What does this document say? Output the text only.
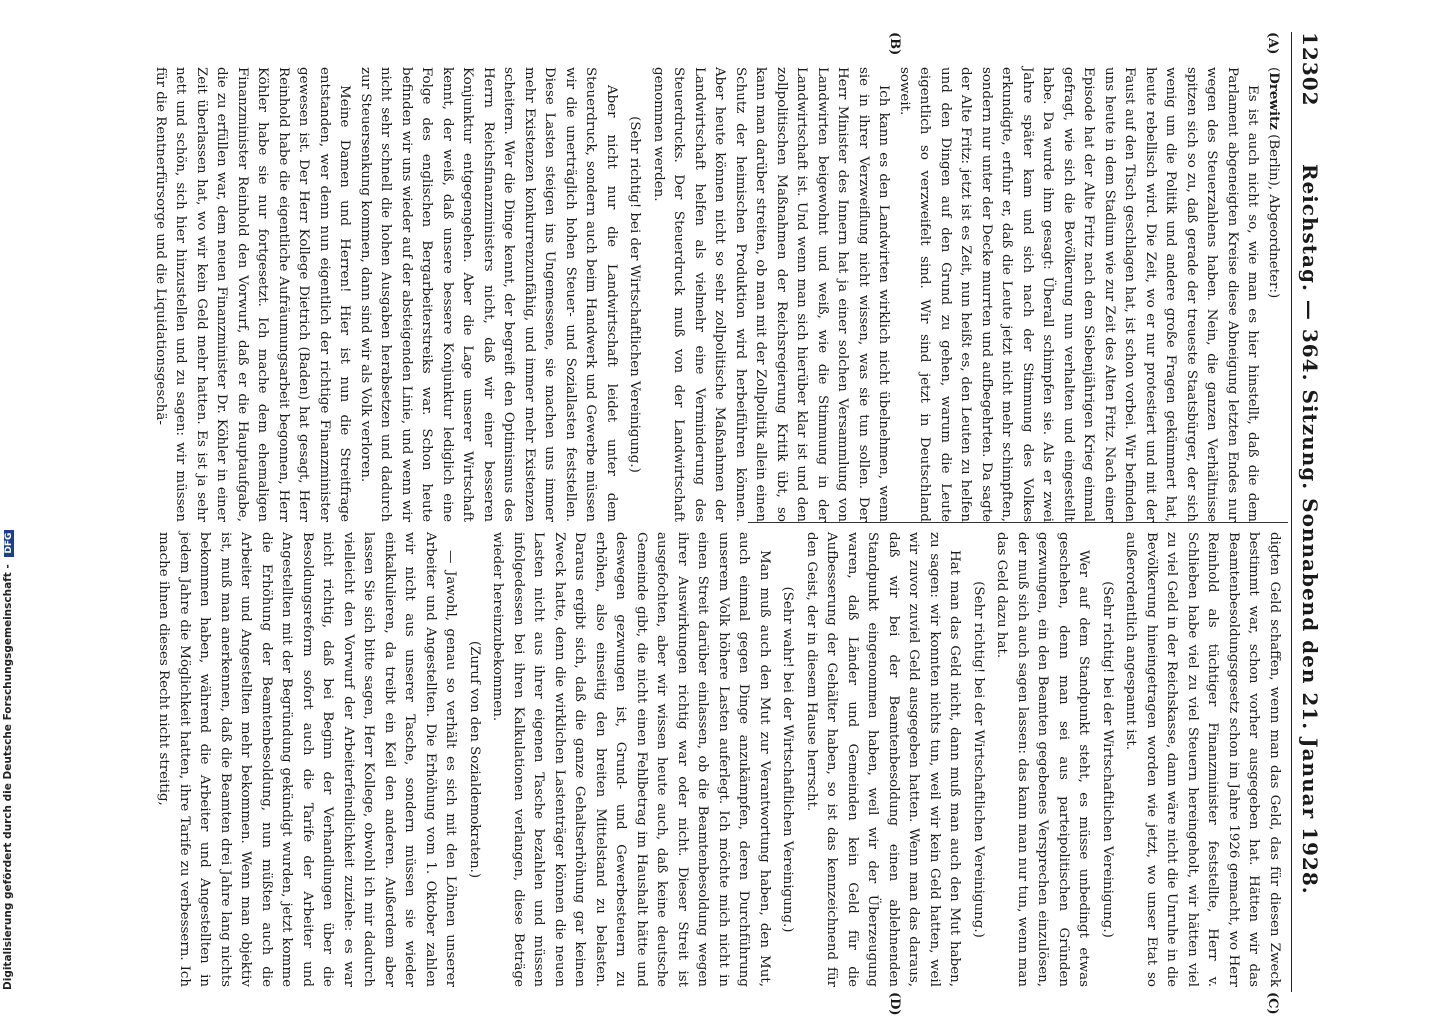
12302
Reichstag. — 364. Sitzung. Sonnabend den 21. Januar 1928.
(A)
(B)
(C)
(D)

(Drewitz (Berlin), Abgeordneter:)

Es ist auch nicht so, wie man es hier hinstellt, daß die dem Parlament abgeneigten Kreise diese Abneigung letzten Endes nur wegen des Steuerzahlens haben. Nein, die ganzen Verhältnisse spitzen sich so zu, daß gerade der treueste Staatsbürger, der sich wenig um die Politik und andere große Fragen gekümmert hat, heute rebellisch wird. Die Zeit, wo er nur protestiert und mit der Faust auf den Tisch geschlagen hat, ist schon vorbei. Wir befinden uns heute in dem Stadium wie zur Zeit des Alten Fritz. Nach einer Episode hat der Alte Fritz nach dem Siebenjährigen Krieg einmal gefragt, wie sich die Bevölkerung nun verhalten und eingestellt habe. Da wurde ihm gesagt: Überall schimpfen sie. Als er zwei Jahre später kam und sich nach der Stimmung des Volkes erkundigte, erfuhr er, daß die Leute jetzt nicht mehr schimpften, sondern nur unter der Decke murrten und aufbegehrten. Da sagte der Alte Fritz: jetzt ist es Zeit, nun heißt es, den Leuten zu helfen und den Dingen auf den Grund zu gehen, warum die Leute eigentlich so verzweifelt sind. Wir sind jetzt in Deutschland soweit.

Ich kann es den Landwirten wirklich nicht übelnehmen, wenn sie in ihrer Verzweiflung nicht wissen, was sie tun sollen. Der Herr Minister des Innern hat ja einer solchen Versammlung von Landwirten beigewohnt und weiß, wie die Stimmung in der Landwirtschaft ist. Und wenn man sich hierüber klar ist und den zollpolitischen Maßnahmen der Reichsregierung Kritik übt, so kann man darüber streiten, ob man mit der Zollpolitik allein einen Schutz der heimischen Produktion wird herbeiführen können. Aber heute können nicht so sehr zollpolitische Maßnahmen der Landwirtschaft helfen als vielmehr eine Verminderung des Steuerdrucks. Der Steuerdruck muß von der Landwirtschaft genommen werden.

(Sehr richtig! bei der Wirtschaftlichen Vereinigung.)

Aber nicht nur die Landwirtschaft leidet unter dem Steuerdruck, sondern auch beim Handwerk und Gewerbe müssen wir die unerträglich hohen Steuer- und Soziallasten feststellen. Diese Lasten steigen ins Ungemessene, sie machen uns immer mehr Existenzen konkurrenzunfähig, und immer mehr Existenzen scheitern. Wer die Dinge kennt, der begreift den Optimismus des Herrn Reichsfinanzministers nicht, daß wir einer besseren Konjunktur entgegengehen. Aber die Lage unserer Wirtschaft kennt, der weiß, daß unsere bessere Konjunktur lediglich eine Folge des englischen Bergarbeiterstreiks war. Schon heute befinden wir uns wieder auf der absteigenden Linie, und wenn wir nicht sehr schnell die hohen Ausgaben herabsetzen und dadurch zur Steuersenkung kommen, dann sind wir als Volk verloren.

Meine Damen und Herren! Hier ist nun die Streitfrage entstanden, wer denn nun eigentlich der richtige Finanzminister gewesen ist. Der Herr Kollege Dietrich (Baden) hat gesagt, Herr Reinhold habe die eigentliche Aufräumungsarbeit begonnen, Herr Köhler habe sie nur fortgesetzt. Ich mache dem ehemaligen Finanzminister Reinhold den Vorwurf, daß er die Hauptaufgabe, die zu erfüllen war, dem neuen Finanzminister Dr. Köhler in einer Zeit überlassen hat, wo wir kein Geld mehr hatten. Es ist ja sehr nett und schön, sich hier hinzustellen und zu sagen: wir müssen für die Rentnerfürsorge und die Liquidationsgeschä-

digten Geld schaffen, wenn man das Geld, das für diesen Zweck bestimmt war, schon vorher ausgegeben hat. Hätten wir das Beamtenbesoldungsgesetz schon im Jahre 1926 gemacht, wo Herr Reinhold als tüchtiger Finanzminister feststellte, Herr v. Schlieben habe viel zu viel Steuern hereingeholt, wir hätten viel zu viel Geld in der Reichskasse, dann wäre nicht die Unruhe in die Bevölkerung hineingetragen worden wie jetzt, wo unser Etat so außerordentlich angespannt ist.

(Sehr richtig! bei der Wirtschaftlichen Vereinigung.)

Wer auf dem Standpunkt steht, es müsse unbedingt etwas geschehen, denn man sei aus parteipolitischen Gründen gezwungen, ein den Beamten gegebenes Versprechen einzulösen, der muß sich auch sagen lassen: das kann man nur tun, wenn man das Geld dazu hat.

(Sehr richtig! bei der Wirtschaftlichen Vereinigung.)

Hat man das Geld nicht, dann muß man auch den Mut haben, zu sagen: wir konnten nichts tun, weil wir kein Geld hatten, weil wir zuvor zuviel Geld ausgegeben hatten. Wenn man das daraus, daß wir bei der Beamtenbesoldung einen ablehnenden Standpunkt eingenommen haben, weil wir der Überzeugung waren, daß Länder und Gemeinden kein Geld für die Aufbesserung der Gehälter haben, so ist das kennzeichnend für den Geist, der in diesem Hause herrscht.

(Sehr wahr! bei der Wirtschaftlichen Vereinigung.)

Man muß auch den Mut zur Verantwortung haben, den Mut, auch einmal gegen Dinge anzukämpfen, deren Durchführung unserem Volk höhere Lasten auferlegt. Ich möchte mich nicht in einen Streit darüber einlassen, ob die Beamtenbesoldung wegen ihrer Auswirkungen richtig war oder nicht. Dieser Streit ist ausgefochten, aber wir wissen heute auch, daß keine deutsche Gemeinde gibt, die nicht einen Fehlbetrag im Haushalt hätte und deswegen gezwungen ist, Grund- und Gewerbesteuern zu erhöhen, also einseitig den breiten Mittelstand zu belasten. Daraus ergibt sich, daß die ganze Gehaltserhöhung gar keinen Zweck hatte, denn die wirklichen Lastenträger können die neuen Lasten nicht aus ihrer eigenen Tasche bezahlen und müssen infolgedessen bei ihren Kalkulationen verlangen, diese Beträge wieder hereinzubekommen.

(Zuruf von den Sozialdemokraten.)

— Jawohl, genau so verhält es sich mit den Löhnen unserer Arbeiter und Angestellten. Die Erhöhung vom 1. Oktober zahlen wir nicht aus unserer Tasche, sondern müssen sie wieder einkalkulieren, da treibt ein Keil den anderen. Außerdem aber lassen Sie sich bitte sagen, Herr Kollege, obwohl ich mir dadurch vielleicht den Vorwurf der Arbeiterfeindlichkeit zuziehe: es war nicht richtig, daß bei Beginn der Verhandlungen über die Besoldungsreform sofort auch die Tarife der Arbeiter und Angestellten mit der Begründung gekündigt wurden, jetzt komme die Erhöhung der Beamtenbesoldung, nun müßten auch die Arbeiter und Angestellten mehr bekommen. Wenn man objektiv ist, muß man anerkennen, daß die Beamten drei Jahre lang nichts bekommen haben, während die Arbeiter und Angestellten in jedem Jahre die Möglichkeit hatten, ihre Tarife zu verbessern. Ich mache ihnen dieses Recht nicht streitig,

Digitalisierung gefördert durch die Deutsche Forschungsgemeinschaft - DFG
